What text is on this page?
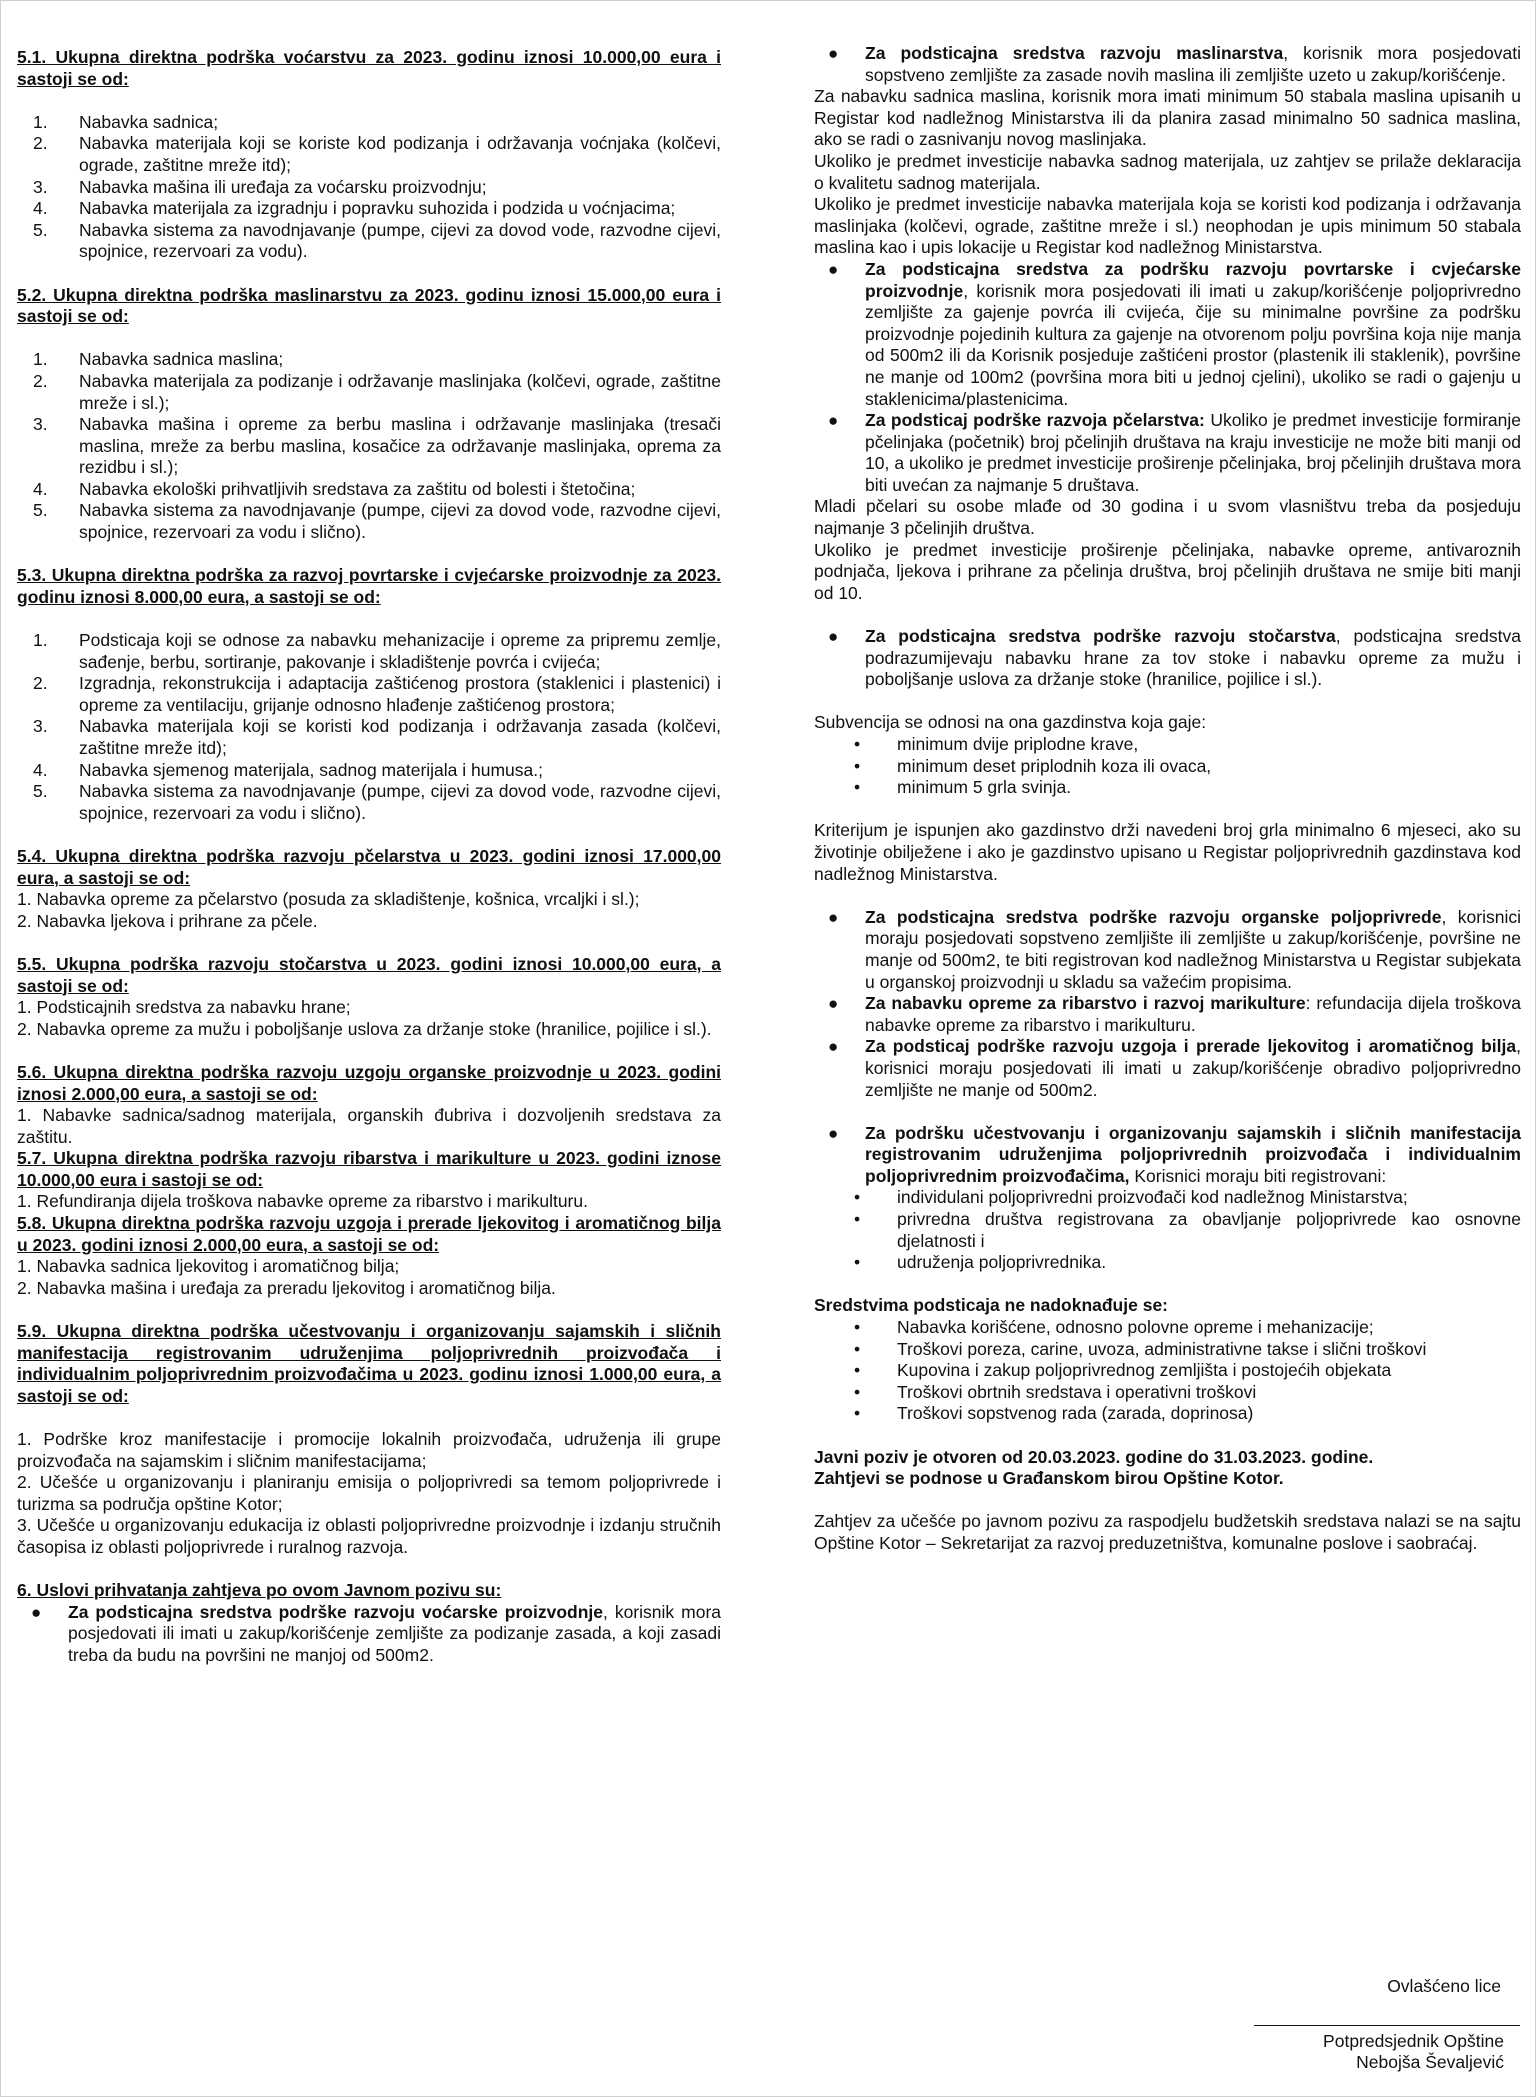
5.1. Ukupna direktna podrška voćarstvu za 2023. godinu iznosi 10.000,00 eura i sastoji se od:

1. Nabavka sadnica;
2. Nabavka materijala koji se koriste kod podizanja i održavanja voćnjaka (kolčevi, ograde, zaštitne mreže itd);
3. Nabavka mašina ili uređaja za voćarsku proizvodnju;
4. Nabavka materijala za izgradnju i popravku suhozida i podzida u voćnjacima;
5. Nabavka sistema za navodnjavanje (pumpe, cijevi za dovod vode, razvodne cijevi, spojnice, rezervoari za vodu).

5.2. Ukupna direktna podrška maslinarstvu za 2023. godinu iznosi 15.000,00 eura i sastoji se od:

1. Nabavka sadnica maslina;
2. Nabavka materijala za podizanje i održavanje maslinjaka (kolčevi, ograde, zaštitne mreže i sl.);
3. Nabavka mašina i opreme za berbu maslina i održavanje maslinjaka (tresači maslina, mreže za berbu maslina, kosačice za održavanje maslinjaka, oprema za rezidbu i sl.);
4. Nabavka ekološki prihvatljivih sredstava za zaštitu od bolesti i štetočina;
5. Nabavka sistema za navodnjavanje (pumpe, cijevi za dovod vode, razvodne cijevi, spojnice, rezervoari za vodu i slično).

5.3. Ukupna direktna podrška za razvoj povrtarske i cvjećarske proizvodnje za 2023. godinu iznosi 8.000,00 eura, a sastoji se od:

1. Podsticaja koji se odnose za nabavku mehanizacije i opreme za pripremu zemlje, sađenje, berbu, sortiranje, pakovanje i skladištenje povrća i cvijeća;
2. Izgradnja, rekonstrukcija i adaptacija zaštićenog prostora (staklenici i plastenici) i opreme za ventilaciju, grijanje odnosno hlađenje zaštićenog prostora;
3. Nabavka materijala koji se koristi kod podizanja i održavanja zasada (kolčevi, zaštitne mreže itd);
4. Nabavka sjemenog materijala, sadnog materijala i humusa.;
5. Nabavka sistema za navodnjavanje (pumpe, cijevi za dovod vode, razvodne cijevi, spojnice, rezervoari za vodu i slično).

5.4. Ukupna direktna podrška razvoju pčelarstva u 2023. godini iznosi 17.000,00 eura, a sastoji se od:

1. Nabavka opreme za pčelarstvo (posuda za skladištenje, košnica, vrcaljki i sl.);

2. Nabavka ljekova i prihrane za pčele.

5.5. Ukupna podrška razvoju stočarstva u 2023. godini iznosi 10.000,00 eura, a sastoji se od:

1. Podsticajnih sredstva za nabavku hrane;

2. Nabavka opreme za mužu i poboljšanje uslova za držanje stoke (hranilice, pojilice i sl.).

5.6. Ukupna direktna podrška razvoju uzgoju organske proizvodnje u 2023. godini iznosi 2.000,00 eura, a sastoji se od:

1. Nabavke sadnica/sadnog materijala, organskih đubriva i dozvoljenih sredstava za zaštitu.

5.7. Ukupna direktna podrška razvoju ribarstva i marikulture u 2023. godini iznose 10.000,00 eura i sastoji se od:

1. Refundiranja dijela troškova nabavke opreme za ribarstvo i marikulturu.

5.8. Ukupna direktna podrška razvoju uzgoja i prerade ljekovitog i aromatičnog bilja u 2023. godini iznosi 2.000,00 eura, a sastoji se od:

1. Nabavka sadnica ljekovitog i aromatičnog bilja;

2. Nabavka mašina i uređaja za preradu ljekovitog i aromatičnog bilja.

5.9. Ukupna direktna podrška učestvovanju i organizovanju sajamskih i sličnih manifestacija registrovanim udruženjima poljoprivrednih proizvođača i individualnim poljoprivrednim proizvođačima u 2023. godinu iznosi 1.000,00 eura, a sastoji se od:

1. Podrške kroz manifestacije i promocije lokalnih proizvođača, udruženja ili grupe proizvođača na sajamskim i sličnim manifestacijama;

2. Učešće u organizovanju i planiranju emisija o poljoprivredi sa temom poljoprivrede i turizma sa područja opštine Kotor;

3. Učešće u organizovanju edukacija iz oblasti poljoprivredne proizvodnje i izdanju stručnih časopisa iz oblasti poljoprivrede i ruralnog razvoja.

6. Uslovi prihvatanja zahtjeva po ovom Javnom pozivu su:

● Za podsticajna sredstva podrške razvoju voćarske proizvodnje, korisnik mora posjedovati ili imati u zakup/korišćenje zemljište za podizanje zasada, a koji zasadi treba da budu na površini ne manjoj od 500m2.
● Za podsticajna sredstva razvoju maslinarstva, korisnik mora posjedovati sopstveno zemljište za zasade novih maslina ili zemljište uzeto u zakup/korišćenje.

Za nabavku sadnica maslina, korisnik mora imati minimum 50 stabala maslina upisanih u Registar kod nadležnog Ministarstva ili da planira zasad minimalno 50 sadnica maslina, ako se radi o zasnivanju novog maslinjaka.

Ukoliko je predmet investicije nabavka sadnog materijala, uz zahtjev se prilaže deklaracija o kvalitetu sadnog materijala.

Ukoliko je predmet investicije nabavka materijala koja se koristi kod podizanja i održavanja maslinjaka (kolčevi, ograde, zaštitne mreže i sl.) neophodan je upis minimum 50 stabala maslina kao i upis lokacije u Registar kod nadležnog Ministarstva.

● Za podsticajna sredstva za podršku razvoju povrtarske i cvjećarske proizvodnje, korisnik mora posjedovati ili imati u zakup/korišćenje poljoprivredno zemljište za gajenje povrća ili cvijeća, čije su minimalne površine za podršku proizvodnje pojedinih kultura za gajenje na otvorenom polju površina koja nije manja od 500m2 ili da Korisnik posjeduje zaštićeni prostor (plastenik ili staklenik), površine ne manje od 100m2 (površina mora biti u jednoj cjelini), ukoliko se radi o gajenju u staklenicima/plastenicima.
● Za podsticaj podrške razvoja pčelarstva: Ukoliko je predmet investicije formiranje pčelinjaka (početnik) broj pčelinjih društava na kraju investicije ne može biti manji od 10, a ukoliko je predmet investicije proširenje pčelinjaka, broj pčelinjih društava mora biti uvećan za najmanje 5 društava.

Mladi pčelari su osobe mlađe od 30 godina i u svom vlasništvu treba da posjeduju najmanje 3 pčelinjih društva.

Ukoliko je predmet investicije proširenje pčelinjaka, nabavke opreme, antivaroznih podnjača, ljekova i prihrane za pčelinja društva, broj pčelinjih društava ne smije biti manji od 10.

● Za podsticajna sredstva podrške razvoju stočarstva, podsticajna sredstva podrazumijevaju nabavku hrane za tov stoke i nabavku opreme za mužu i poboljšanje uslova za držanje stoke (hranilice, pojilice i sl.).

Subvencija se odnosi na ona gazdinstva koja gaje:

• minimum dvije priplodne krave,
• minimum deset priplodnih koza ili ovaca,
• minimum 5 grla svinja.

Kriterijum je ispunjen ako gazdinstvo drži navedeni broj grla minimalno 6 mjeseci, ako su životinje obilježene i ako je gazdinstvo upisano u Registar poljoprivrednih gazdinstava kod nadležnog Ministarstva.

● Za podsticajna sredstva podrške razvoju organske poljoprivrede, korisnici moraju posjedovati sopstveno zemljište ili zemljište u zakup/korišćenje, površine ne manje od 500m2, te biti registrovan kod nadležnog Ministarstva u Registar subjekata u organskoj proizvodnji u skladu sa važećim propisima.
● Za nabavku opreme za ribarstvo i razvoj marikulture: refundacija dijela troškova nabavke opreme za ribarstvo i marikulturu.
● Za podsticaj podrške razvoju uzgoja i prerade ljekovitog i aromatičnog bilja, korisnici moraju posjedovati ili imati u zakup/korišćenje obradivo poljoprivredno zemljište ne manje od 500m2.
● Za podršku učestvovanju i organizovanju sajamskih i sličnih manifestacija registrovanim udruženjima poljoprivrednih proizvođača i individualnim poljoprivrednim proizvođačima, Korisnici moraju biti registrovani:
• individulani poljoprivredni proizvođači kod nadležnog Ministarstva;
• privredna društva registrovana za obavljanje poljoprivrede kao osnovne djelatnosti i
• udruženja poljoprivrednika.

Sredstvima podsticaja ne nadoknađuje se:

• Nabavka korišćene, odnosno polovne opreme i mehanizacije;
• Troškovi poreza, carine, uvoza, administrativne takse i slični troškovi
• Kupovina i zakup poljoprivrednog zemljišta i postojećih objekata
• Troškovi obrtnih sredstava i operativni troškovi
• Troškovi sopstvenog rada (zarada, doprinosa)

Javni poziv je otvoren od 20.03.2023. godine do 31.03.2023. godine.

Zahtjevi se podnose u Građanskom birou Opštine Kotor.

Zahtjev za učešće po javnom pozivu za raspodjelu budžetskih sredstava nalazi se na sajtu Opštine Kotor – Sekretarijat za razvoj preduzetništva, komunalne poslove i saobraćaj.

Ovlašćeno lice
Potpredsjednik Opštine
Nebojša Ševaljević
